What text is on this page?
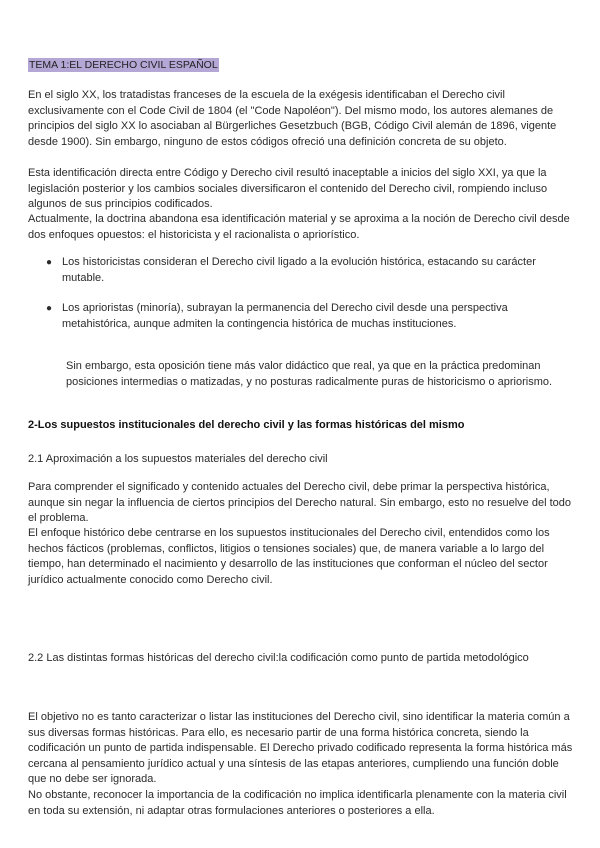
TEMA 1:EL DERECHO CIVIL ESPAÑOL

En el siglo XX, los tratadistas franceses de la escuela de la exégesis identificaban el Derecho civil exclusivamente con el Code Civil de 1804 (el "Code Napoléon"). Del mismo modo, los autores alemanes de principios del siglo XX lo asociaban al Bürgerliches Gesetzbuch (BGB, Código Civil alemán de 1896, vigente desde 1900). Sin embargo, ninguno de estos códigos ofreció una definición concreta de su objeto.

Esta identificación directa entre Código y Derecho civil resultó inaceptable a inicios del siglo XXI, ya que la legislación posterior y los cambios sociales diversificaron el contenido del Derecho civil, rompiendo incluso algunos de sus principios codificados.

Actualmente, la doctrina abandona esa identificación material y se aproxima a la noción de Derecho civil desde dos enfoques opuestos: el historicista y el racionalista o apriorístico.

● Los historicistas consideran el Derecho civil ligado a la evolución histórica, estacando su carácter mutable.
● Los aprioristas (minoría), subrayan la permanencia del Derecho civil desde una perspectiva metahistórica, aunque admiten la contingencia histórica de muchas instituciones.
Sin embargo, esta oposición tiene más valor didáctico que real, ya que en la práctica predominan posiciones intermedias o matizadas, y no posturas radicalmente puras de historicismo o apriorismo.
2-Los supuestos institucionales del derecho civil y las formas históricas del mismo
2.1 Aproximación a los supuestos materiales del derecho civil

Para comprender el significado y contenido actuales del Derecho civil, debe primar la perspectiva histórica, aunque sin negar la influencia de ciertos principios del Derecho natural. Sin embargo, esto no resuelve del todo el problema.

El enfoque histórico debe centrarse en los supuestos institucionales del Derecho civil, entendidos como los hechos fácticos (problemas, conflictos, litigios o tensiones sociales) que, de manera variable a lo largo del tiempo, han determinado el nacimiento y desarrollo de las instituciones que conforman el núcleo del sector jurídico actualmente conocido como Derecho civil.

2.2 Las distintas formas históricas del derecho civil:la codificación como punto de partida metodológico

El objetivo no es tanto caracterizar o listar las instituciones del Derecho civil, sino identificar la materia común a sus diversas formas históricas. Para ello, es necesario partir de una forma histórica concreta, siendo la codificación un punto de partida indispensable. El Derecho privado codificado representa la forma histórica más cercana al pensamiento jurídico actual y una síntesis de las etapas anteriores, cumpliendo una función doble que no debe ser ignorada.

No obstante, reconocer la importancia de la codificación no implica identificarla plenamente con la materia civil en toda su extensión, ni adaptar otras formulaciones anteriores o posteriores a ella.
